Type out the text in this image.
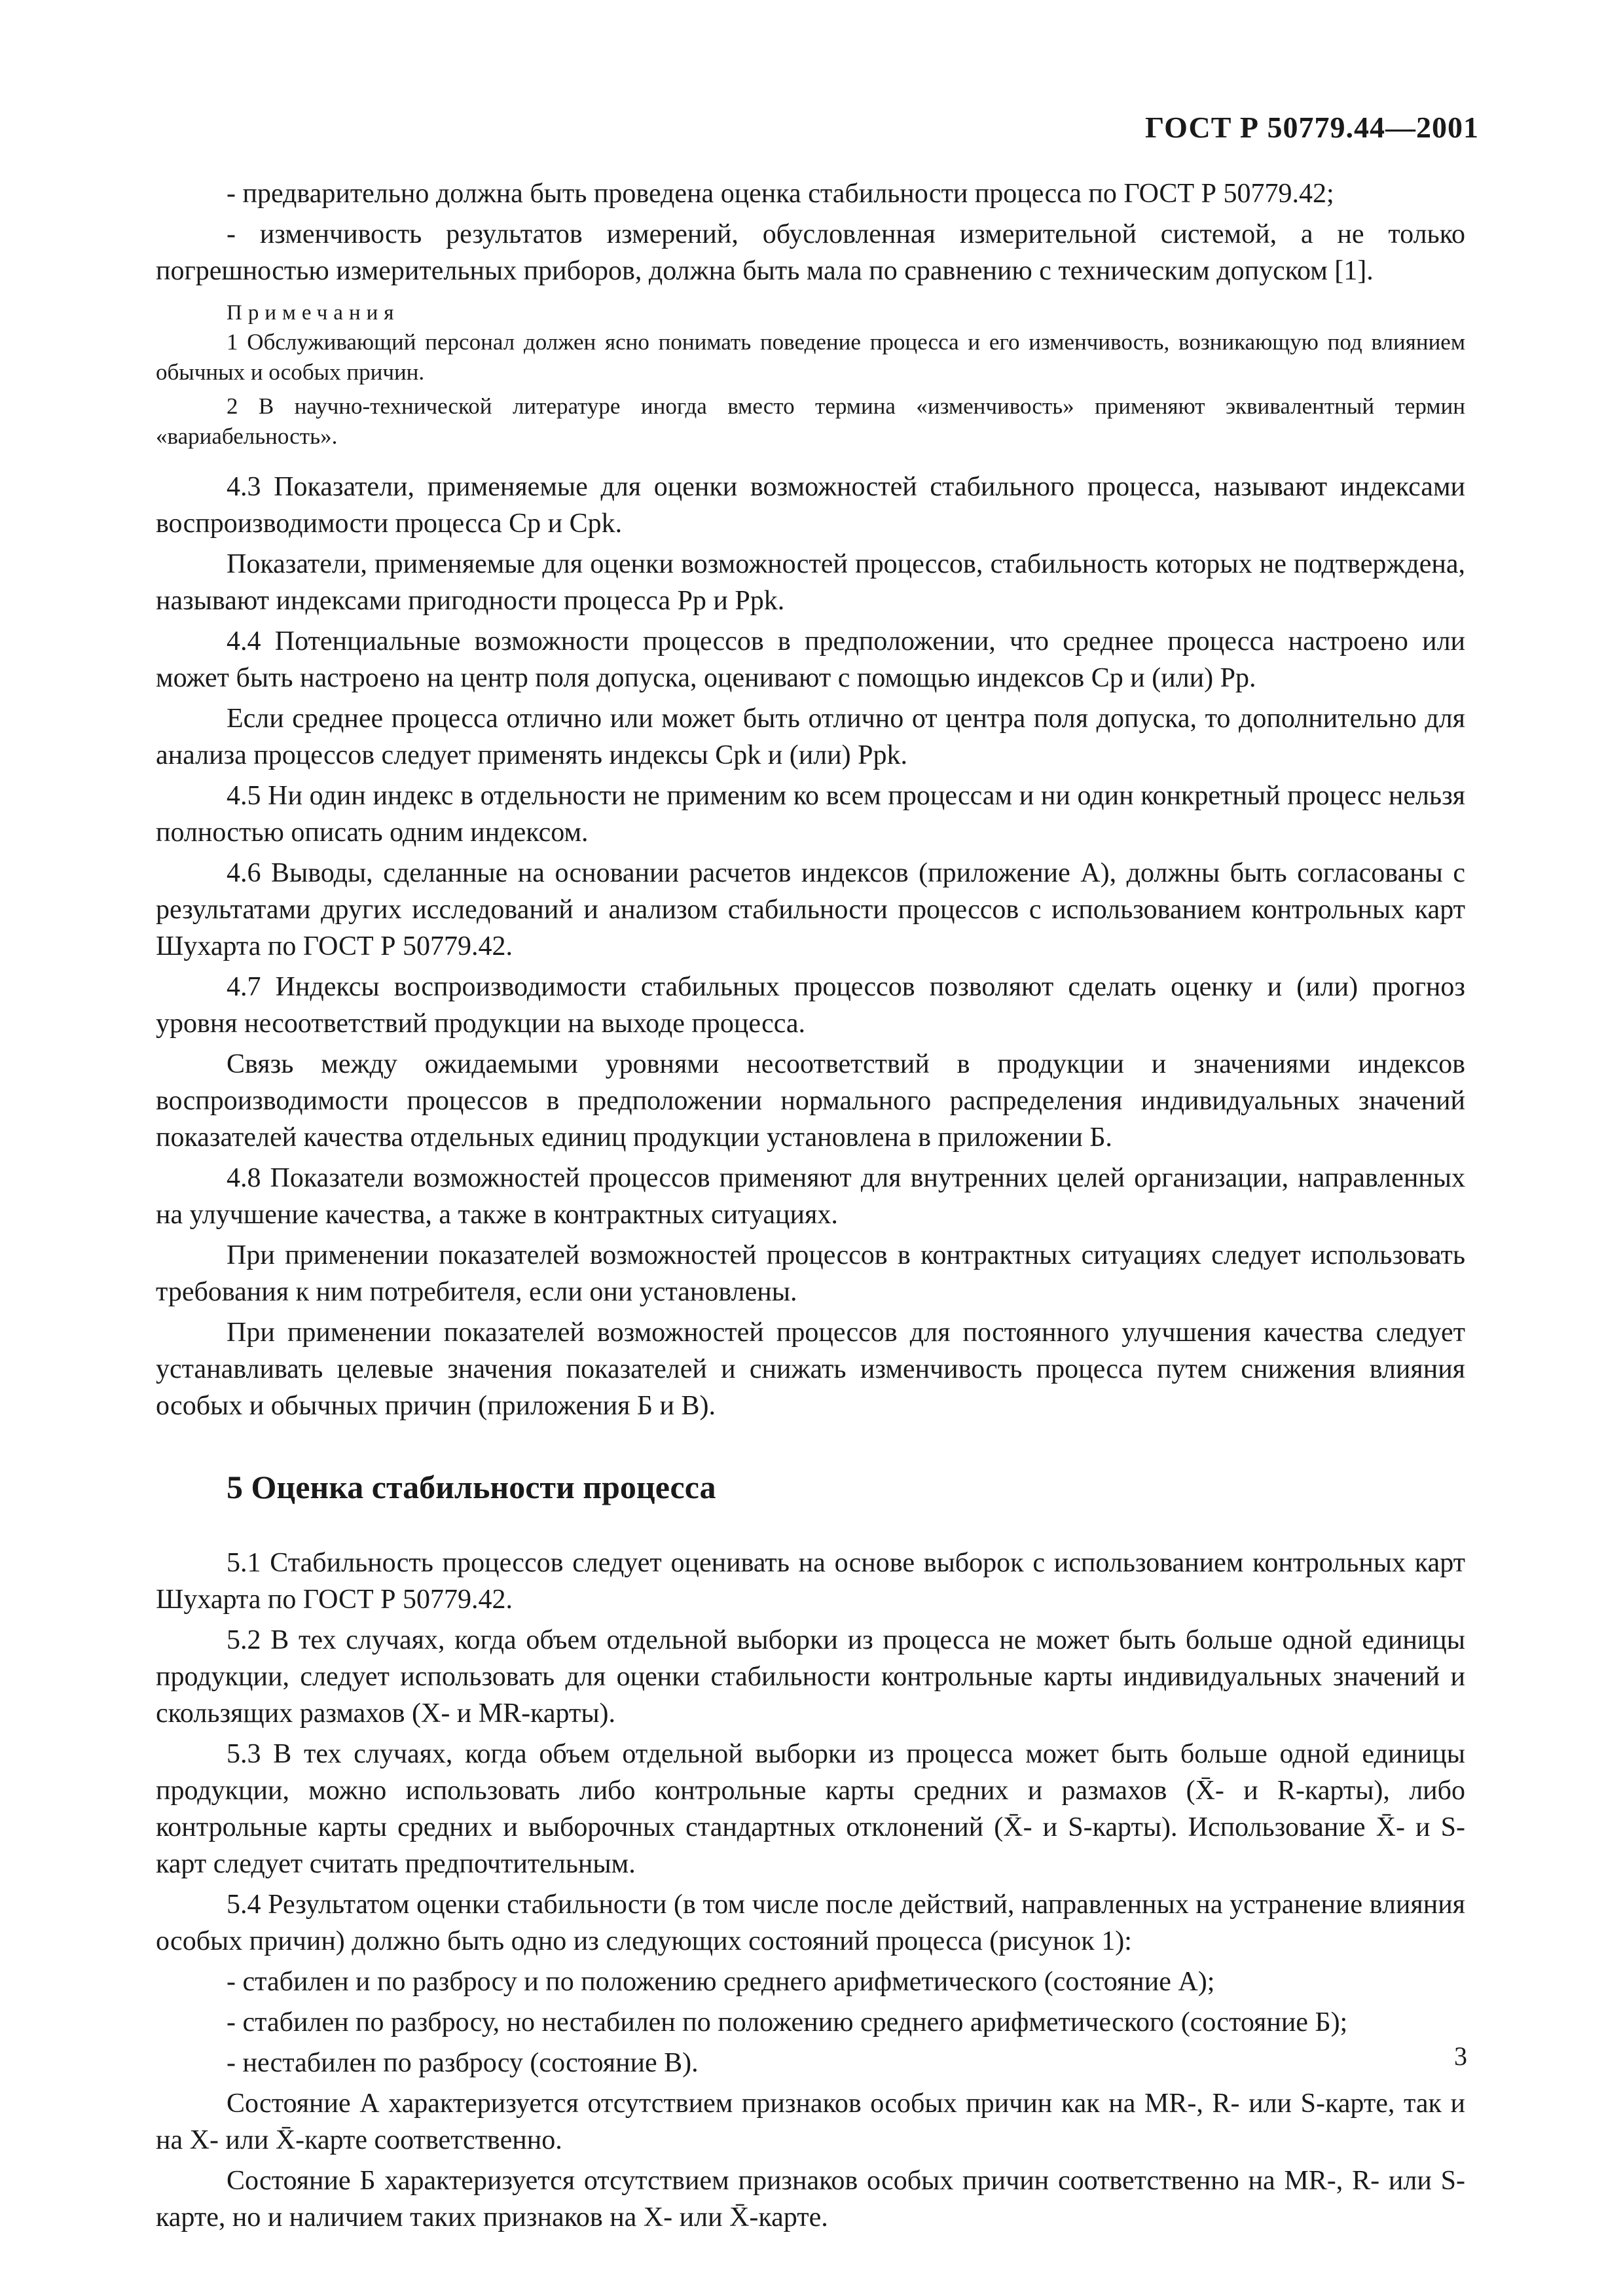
ГОСТ Р 50779.44—2001

- предварительно должна быть проведена оценка стабильности процесса по ГОСТ Р 50779.42;

- изменчивость результатов измерений, обусловленная измерительной системой, а не только погрешностью измерительных приборов, должна быть мала по сравнению с техническим допуском [1].

Примечания

1 Обслуживающий персонал должен ясно понимать поведение процесса и его изменчивость, возникающую под влиянием обычных и особых причин.

2 В научно-технической литературе иногда вместо термина «изменчивость» применяют эквивалентный термин «вариабельность».

4.3 Показатели, применяемые для оценки возможностей стабильного процесса, называют индексами воспроизводимости процесса Cp и Cpk.

Показатели, применяемые для оценки возможностей процессов, стабильность которых не подтверждена, называют индексами пригодности процесса Pp и Ppk.

4.4 Потенциальные возможности процессов в предположении, что среднее процесса настроено или может быть настроено на центр поля допуска, оценивают с помощью индексов Cp и (или) Pp.

Если среднее процесса отлично или может быть отлично от центра поля допуска, то дополнительно для анализа процессов следует применять индексы Cpk и (или) Ppk.

4.5 Ни один индекс в отдельности не применим ко всем процессам и ни один конкретный процесс нельзя полностью описать одним индексом.

4.6 Выводы, сделанные на основании расчетов индексов (приложение А), должны быть согласованы с результатами других исследований и анализом стабильности процессов с использованием контрольных карт Шухарта по ГОСТ Р 50779.42.

4.7 Индексы воспроизводимости стабильных процессов позволяют сделать оценку и (или) прогноз уровня несоответствий продукции на выходе процесса.

Связь между ожидаемыми уровнями несоответствий в продукции и значениями индексов воспроизводимости процессов в предположении нормального распределения индивидуальных значений показателей качества отдельных единиц продукции установлена в приложении Б.

4.8 Показатели возможностей процессов применяют для внутренних целей организации, направленных на улучшение качества, а также в контрактных ситуациях.

При применении показателей возможностей процессов в контрактных ситуациях следует использовать требования к ним потребителя, если они установлены.

При применении показателей возможностей процессов для постоянного улучшения качества следует устанавливать целевые значения показателей и снижать изменчивость процесса путем снижения влияния особых и обычных причин (приложения Б и В).

5 Оценка стабильности процесса

5.1 Стабильность процессов следует оценивать на основе выборок с использованием контрольных карт Шухарта по ГОСТ Р 50779.42.

5.2 В тех случаях, когда объем отдельной выборки из процесса не может быть больше одной единицы продукции, следует использовать для оценки стабильности контрольные карты индивидуальных значений и скользящих размахов (X- и MR-карты).

5.3 В тех случаях, когда объем отдельной выборки из процесса может быть больше одной единицы продукции, можно использовать либо контрольные карты средних и размахов (X̄- и R-карты), либо контрольные карты средних и выборочных стандартных отклонений (X̄- и S-карты). Использование X̄- и S-карт следует считать предпочтительным.

5.4 Результатом оценки стабильности (в том числе после действий, направленных на устранение влияния особых причин) должно быть одно из следующих состояний процесса (рисунок 1):

- стабилен и по разбросу и по положению среднего арифметического (состояние А);

- стабилен по разбросу, но нестабилен по положению среднего арифметического (состояние Б);

- нестабилен по разбросу (состояние В).

Состояние А характеризуется отсутствием признаков особых причин как на MR-, R- или S-карте, так и на X- или X̄-карте соответственно.

Состояние Б характеризуется отсутствием признаков особых причин соответственно на MR-, R- или S-карте, но и наличием таких признаков на X- или X̄-карте.

3
